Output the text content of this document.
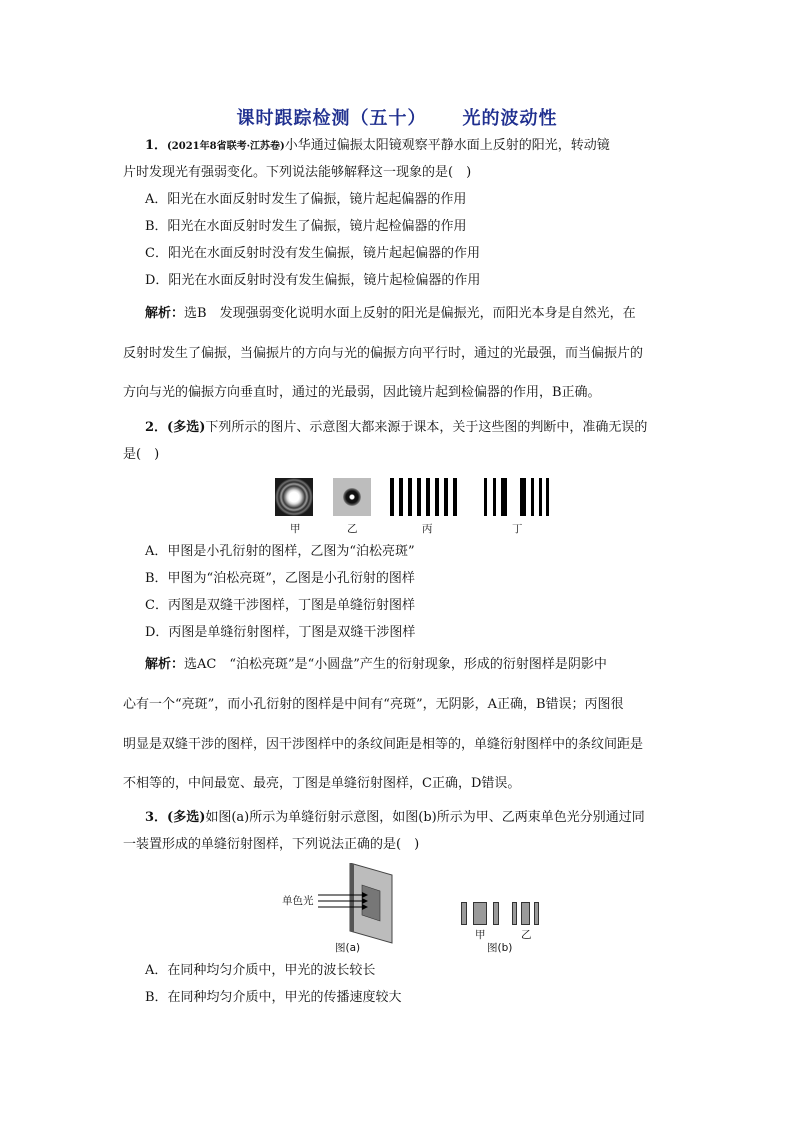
课时跟踪检测（五十） 光的波动性
1．(2021年8省联考·江苏卷)小华通过偏振太阳镜观察平静水面上反射的阳光，转动镜
片时发现光有强弱变化。下列说法能够解释这一现象的是(　)
A．阳光在水面反射时发生了偏振，镜片起起偏器的作用
B．阳光在水面反射时发生了偏振，镜片起检偏器的作用
C．阳光在水面反射时没有发生偏振，镜片起起偏器的作用
D．阳光在水面反射时没有发生偏振，镜片起检偏器的作用
解析：选B　发现强弱变化说明水面上反射的阳光是偏振光，而阳光本身是自然光，在
反射时发生了偏振，当偏振片的方向与光的偏振方向平行时，通过的光最强，而当偏振片的
方向与光的偏振方向垂直时，通过的光最弱，因此镜片起到检偏器的作用，B正确。
2．(多选)下列所示的图片、示意图大都来源于课本，关于这些图的判断中，准确无误的
是(　)
甲	乙	丙	丁
A．甲图是小孔衍射的图样，乙图为“泊松亮斑”
B．甲图为“泊松亮斑”，乙图是小孔衍射的图样
C．丙图是双缝干涉图样，丁图是单缝衍射图样
D．丙图是单缝衍射图样，丁图是双缝干涉图样
解析：选AC　“泊松亮斑”是“小圆盘”产生的衍射现象，形成的衍射图样是阴影中
心有一个“亮斑”，而小孔衍射的图样是中间有“亮斑”，无阴影，A正确，B错误；丙图很
明显是双缝干涉的图样，因干涉图样中的条纹间距是相等的，单缝衍射图样中的条纹间距是
不相等的，中间最宽、最亮，丁图是单缝衍射图样，C正确，D错误。
3．(多选)如图(a)所示为单缝衍射示意图，如图(b)所示为甲、乙两束单色光分别通过同
一装置形成的单缝衍射图样，下列说法正确的是(　)
单色光
图(a)
甲	乙
图(b)
A．在同种均匀介质中，甲光的波长较长
B．在同种均匀介质中，甲光的传播速度较大
